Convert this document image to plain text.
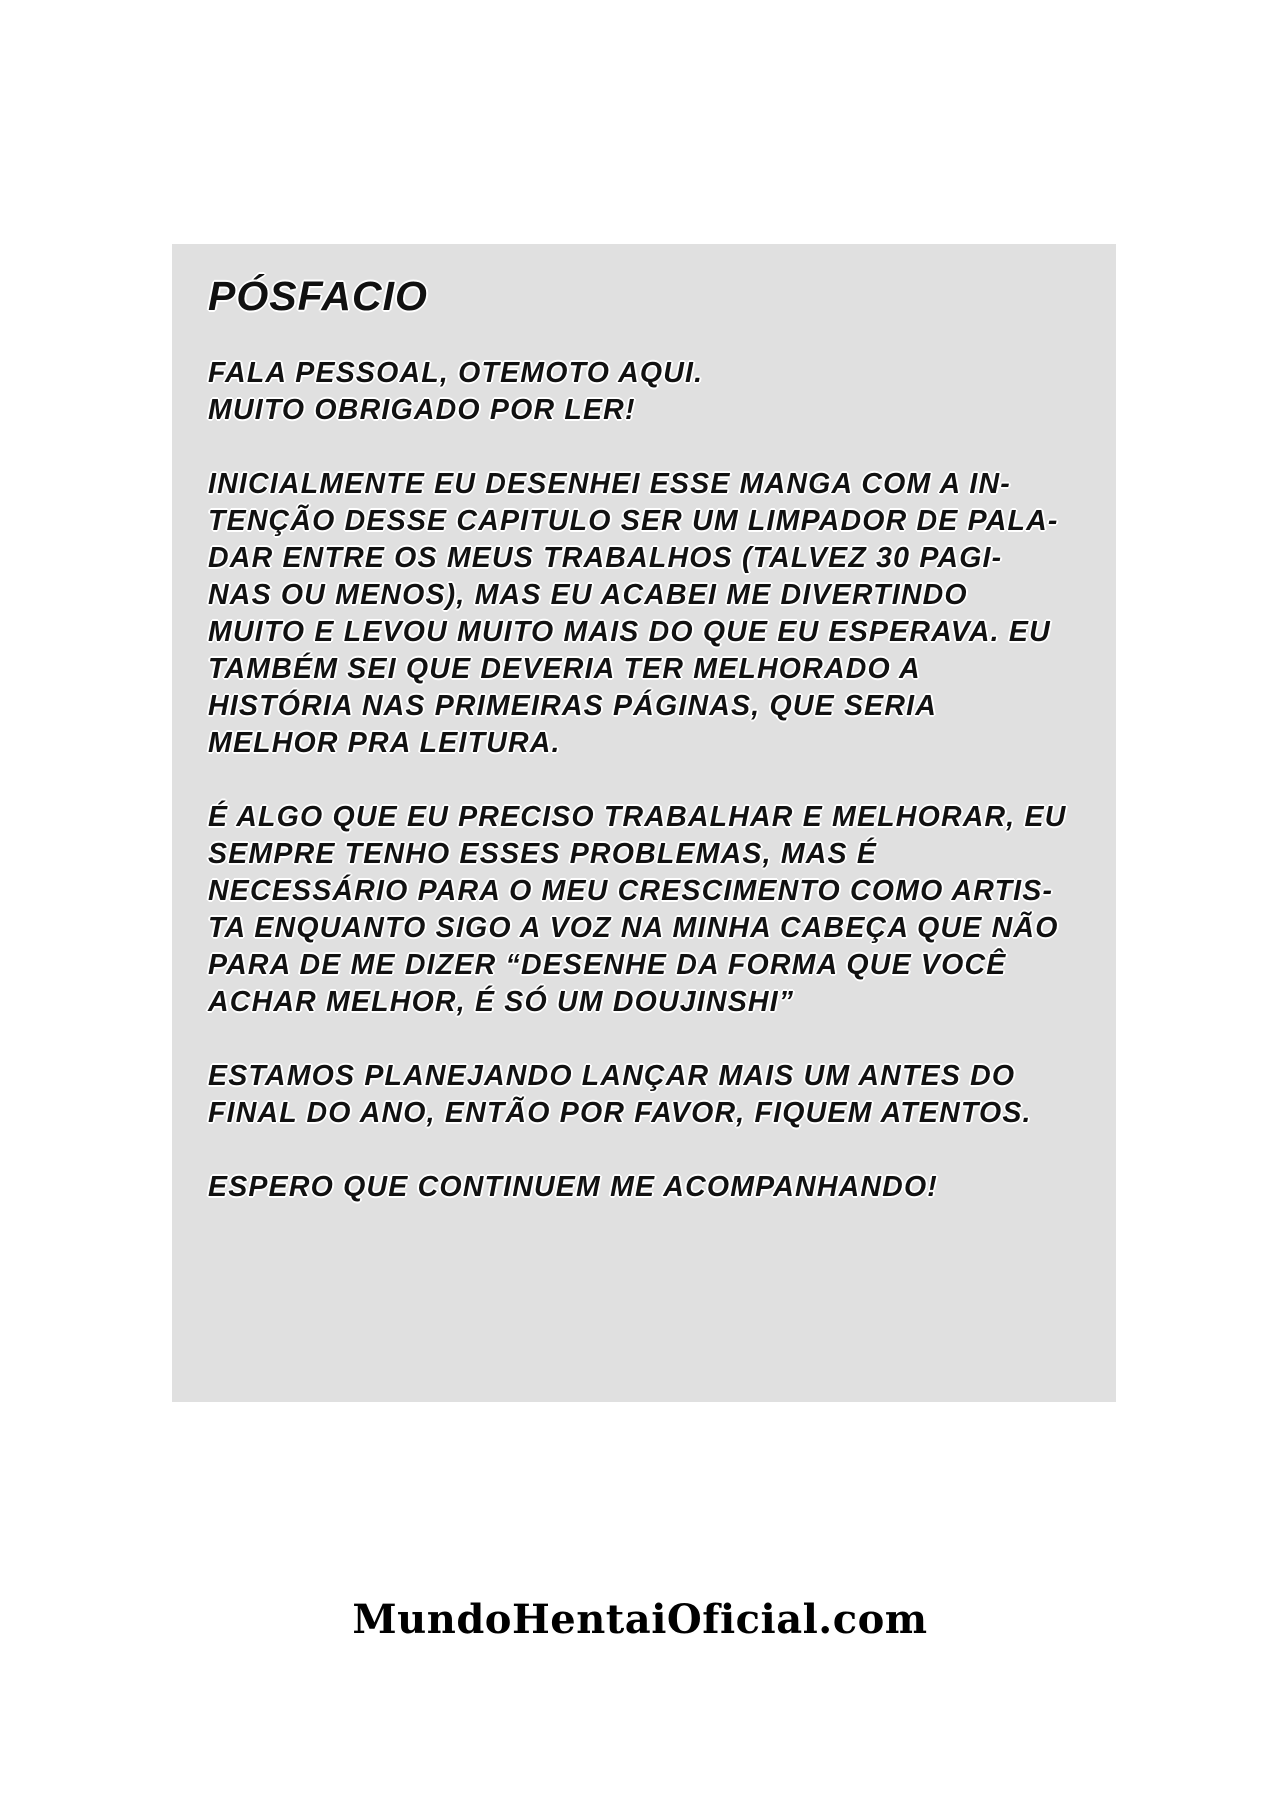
PÓSFACIO
FALA PESSOAL, OTEMOTO AQUI.
MUITO OBRIGADO POR LER!
INICIALMENTE EU DESENHEI ESSE MANGA COM A IN-
TENÇÃO DESSE CAPITULO SER UM LIMPADOR DE PALA-
DAR ENTRE OS MEUS TRABALHOS (TALVEZ 30 PAGI-
NAS OU MENOS), MAS EU ACABEI ME DIVERTINDO
MUITO E LEVOU MUITO MAIS DO QUE EU ESPERAVA. EU
TAMBÉM SEI QUE DEVERIA TER MELHORADO A
HISTÓRIA NAS PRIMEIRAS PÁGINAS, QUE SERIA
MELHOR PRA LEITURA.
É ALGO QUE EU PRECISO TRABALHAR E MELHORAR, EU
SEMPRE TENHO ESSES PROBLEMAS, MAS É
NECESSÁRIO PARA O MEU CRESCIMENTO COMO ARTIS-
TA ENQUANTO SIGO A VOZ NA MINHA CABEÇA QUE NÃO
PARA DE ME DIZER “DESENHE DA FORMA QUE VOCÊ
ACHAR MELHOR, É SÓ UM DOUJINSHI”
ESTAMOS PLANEJANDO LANÇAR MAIS UM ANTES DO
FINAL DO ANO, ENTÃO POR FAVOR, FIQUEM ATENTOS.
ESPERO QUE CONTINUEM ME ACOMPANHANDO!
MundoHentaiOficial.com
